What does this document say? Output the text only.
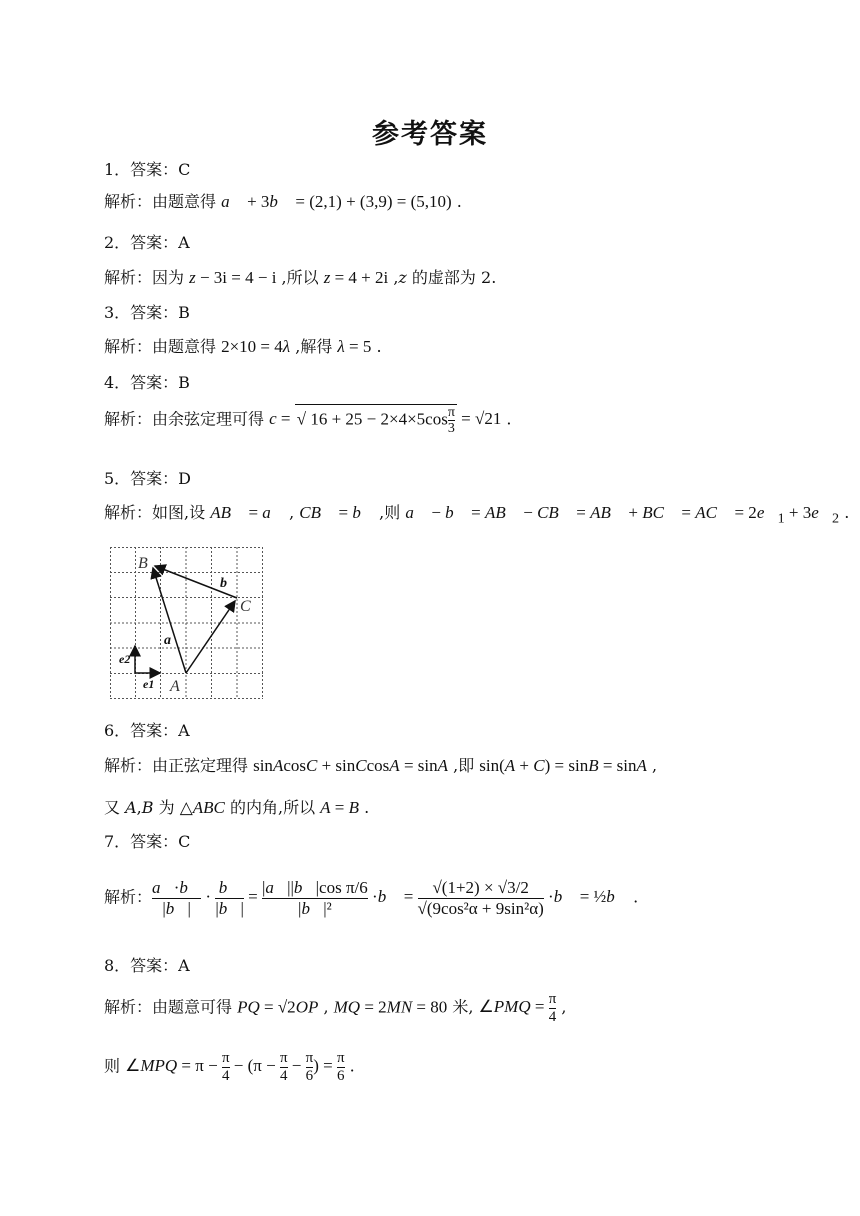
参考答案
1．答案：C
解析：由题意得 a⃗ + 3b⃗ = (2,1) + (3,9) = (5,10) .
2．答案：A
解析：因为 z − 3i = 4 − i ,所以 z = 4 + 2i ,z 的虚部为 2.
3．答案：B
解析：由题意得 2×10 = 4λ ,解得 λ = 5 .
4．答案：B
解析：由余弦定理可得 c = √ $16 + 25 - 2\times 4\times 5\cos \frac{\pi}{3} = √21$ .
5．答案：D
解析：如图,设 AB⃗ = a⃗ , CB⃗ = b⃗ ,则 a⃗ − b⃗ = AB⃗ − CB⃗ = AB⃗ + BC⃗ = AC⃗ = $2e⃗_1$ + $3e⃗_2$ .
B
C
A
b
a
e2
e1
6．答案：A
解析：由正弦定理得 sinAcosC + sinCcosA = sinA ,即 sin(A + C) = sinB = sinA ,
又 A,B 为 △ABC 的内角,所以 A = B .
7．答案：C
解析： $\frac{a⃗\cdot b⃗}{|b⃗|} \cdot \frac{b⃗}{|b⃗|} = \frac{\text{|a⃗||b⃗|cos π/6}}{\text{|b⃗|²}}$ ·b⃗ = $\frac{√(1+2) \times √3/2}{\text{√(9cos²α + 9sin²α)}}$ ·b⃗ = ½b⃗ .
8．答案：A
解析：由题意可得 PQ = √2OP , MQ = 2MN = 80 米, ∠PMQ = $\frac{\pi}{4}$ ,
则 ∠MPQ = $\pi - \frac{\pi}{4} - (\pi - \frac{\pi}{4} - \frac{\pi}{6}$ ) = $\frac{\pi}{6}$ .
